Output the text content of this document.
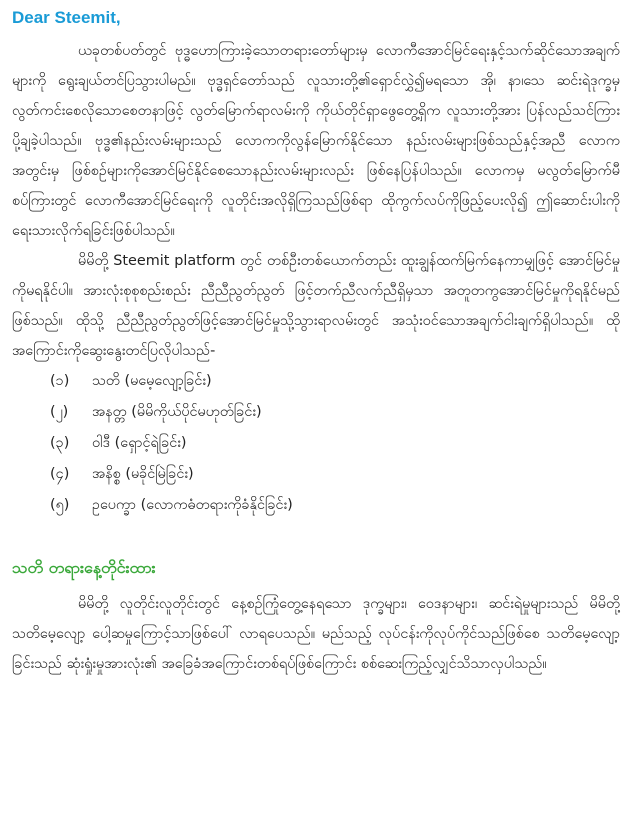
Dear Steemit,

ယခုတစ်ပတ်တွင် ဗုဒ္ဓဟောကြားခဲ့သောတရားတော်များမှ လောကီအောင်မြင်ရေးနှင့်သက်ဆိုင်သောအချက်များကို ရွေးချယ်တင်ပြသွားပါမည်။ ဗုဒ္ဓရှင်တော်သည် လူသားတို့၏ရှောင်လွှဲ၍မရသော အို၊ နာ၊သေ ဆင်းရဲဒုက္ခမှ လွတ်ကင်းစေလိုသောစေတနာဖြင့် လွတ်မြောက်ရာလမ်းကို ကိုယ်တိုင်ရှာဖွေတွေ့ရှိက လူသားတို့အား ပြန်လည်သင်ကြားပို့ချခဲ့ပါသည်။ ဗုဒ္ဓ၏နည်းလမ်းများသည် လောကကိုလွန်မြောက်နိုင်သော နည်းလမ်းများဖြစ်သည်နှင့်အညီ လောကအတွင်းမှ ဖြစ်စဉ်များကိုအောင်မြင်နိုင်စေသောနည်းလမ်းများလည်း ဖြစ်နေပြန်ပါသည်။ လောကမှ မလွတ်မြောက်မီစပ်ကြားတွင် လောကီအောင်မြင်ရေးကို လူတိုင်းအလိုရှိကြသည်ဖြစ်ရာ ထိုကွက်လပ်ကိုဖြည့်ပေးလို၍ ဤဆောင်းပါးကိုရေးသားလိုက်ရခြင်းဖြစ်ပါသည်။

မိမိတို့ Steemit platform တွင် တစ်ဦးတစ်ယောက်တည်း ထူးချွန်ထက်မြက်နေကာမျှဖြင့် အောင်မြင်မှုကိုမရနိုင်ပါ။ အားလုံးစုစုစည်းစည်း ညီညီညွတ်ညွတ် ဖြင့်တက်ညီလက်ညီရှိမှသာ အတူတကွအောင်မြင်မှုကိုရနိုင်မည်ဖြစ်သည်။ ထိုသို့ ညီညီညွတ်ညွတ်ဖြင့်အောင်မြင်မှုသို့သွားရာလမ်းတွင် အသုံးဝင်သောအချက်ငါးချက်ရှိပါသည်။ ထိုအကြောင်းကိုဆွေးနွေးတင်ပြလိုပါသည်-

(၁) သတိ (မမေ့လျော့ခြင်း)
(၂) အနတ္တ (မိမိကိုယ်ပိုင်မဟုတ်ခြင်း)
(၃) ဝါဒီ (ရှောင့်ရဲခြင်း)
(၄) အနိစ္စ (မခိုင်မြဲခြင်း)
(၅) ဥပေက္ခာ (လောကဓံတရားကိုခံနိုင်ခြင်း)
သတိ တရားနေ့တိုင်းထား

မိမိတို့ လူတိုင်းလူတိုင်းတွင် နေ့စဉ်ကြုံတွေ့နေရသော ဒုက္ခများ၊ ဝေဒနာများ၊ ဆင်းရဲမှုများသည် မိမိတို့သတိမေ့လျော့ ပေါ့ဆမှုကြောင့်သာဖြစ်ပေါ် လာရပေသည်။ မည်သည့် လုပ်ငန်းကိုလုပ်ကိုင်သည်ဖြစ်စေ သတိမေ့လျော့ခြင်းသည် ဆုံးရှုံးမှုအားလုံး၏ အခြေခံအကြောင်းတစ်ရပ်ဖြစ်ကြောင်း စစ်ဆေးကြည့်လျှင်သိသာလှပါသည်။
